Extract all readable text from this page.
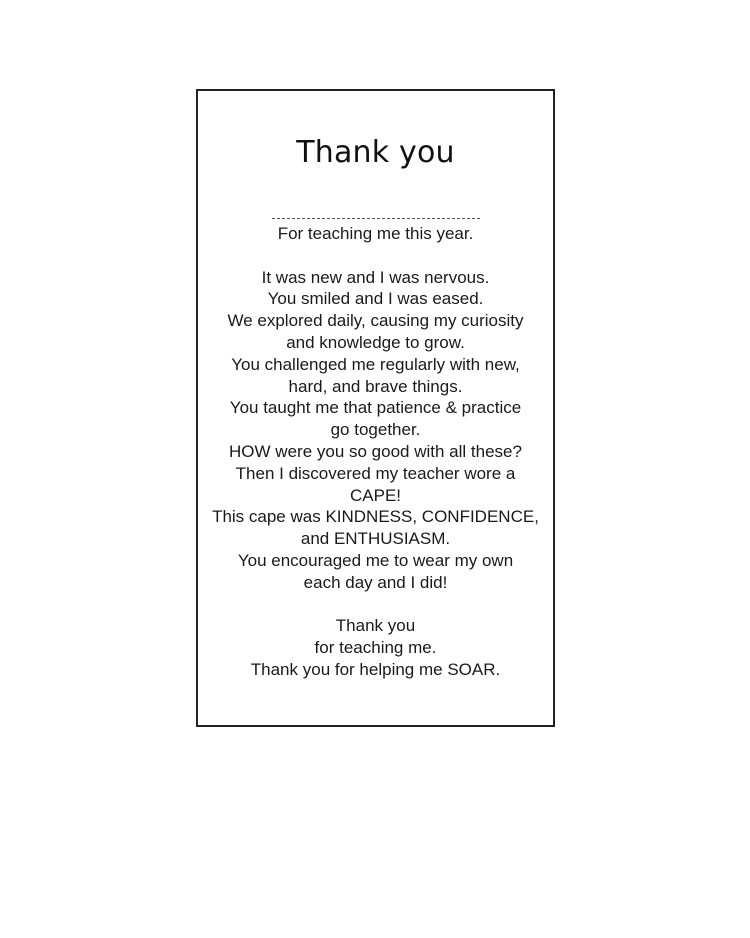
Thank you
For teaching me this year.
It was new and I was nervous.
You smiled and I was eased.
We explored daily, causing my curiosity
and knowledge to grow.
You challenged me regularly with new,
hard, and brave things.
You taught me that patience & practice
go together.
HOW were you so good with all these?
Then I discovered my teacher wore a
CAPE!
This cape was KINDNESS, CONFIDENCE,
and ENTHUSIASM.
You encouraged me to wear my own
each day and I did!
Thank you
for teaching me.
Thank you for helping me SOAR.
